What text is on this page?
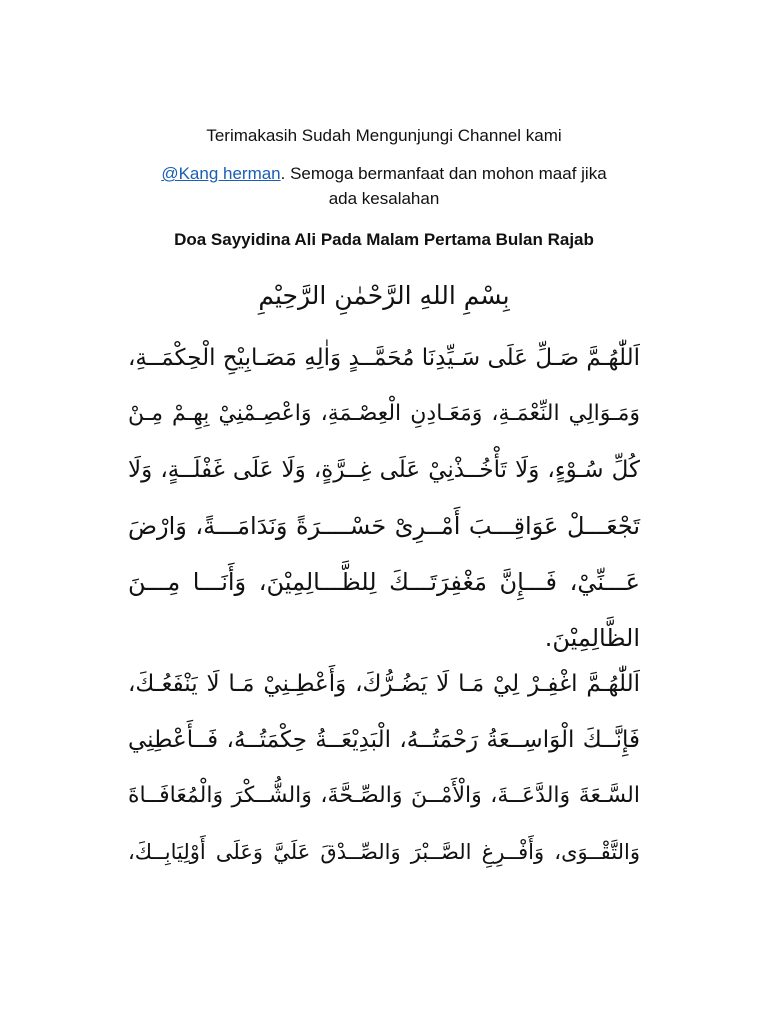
Terimakasih Sudah Mengunjungi Channel kami
@Kang herman. Semoga bermanfaat dan mohon maaf jika
ada kesalahan
Doa Sayyidina Ali Pada Malam Pertama Bulan Rajab
بِسْمِ اللهِ الرَّحْمٰنِ الرَّحِيْمِ
اَللّٰهُـمَّ صَـلِّ عَلَى سَـيِّدِنَا مُحَمَّــدٍ وَاٰلِهِ مَصَـابِيْحِ الْحِكْمَــةِ،
وَمَـوَالِي النِّعْمَـةِ، وَمَعَـادِنِ الْعِصْـمَةِ، وَاعْصِـمْنِيْ بِهِـمْ مِـنْ
كُلِّ سُـوْءٍ، وَلَا تَأْخُــذْنِيْ عَلَى غِــرَّةٍ، وَلَا عَلَى غَفْلَــةٍ، وَلَا
تَجْعَـــلْ عَوَاقِـــبَ أَمْــرِىْ حَسْــــرَةً وَنَدَامَـــةً، وَارْضَ
عَـــنِّيْ، فَـــإِنَّ مَغْفِرَتَـــكَ لِلظَّـــالِمِيْنَ، وَأَنَـــا مِـــنَ
الظَّالِمِيْنَ.
اَللّٰهُـمَّ اغْفِـرْ لِيْ مَـا لَا يَضُـرُّكَ، وَأَعْطِـنِيْ مَـا لَا يَنْفَعُـكَ،
فَإِنَّــكَ الْوَاسِــعَةُ رَحْمَتُــهُ، الْبَدِيْعَــةُ حِكْمَتُــهُ، فَــأَعْطِنِي
السَّـعَةَ وَالدَّعَــةَ، وَالْأَمْــنَ وَالصِّـحَّةَ، وَالشُّــكْرَ وَالْمُعَافَــاةَ
وَالتَّقْــوَى، وَأَفْــرِغِ الصَّــبْرَ وَالصِّــدْقَ عَلَيَّ وَعَلَى أَوْلِيَابِــكَ،
